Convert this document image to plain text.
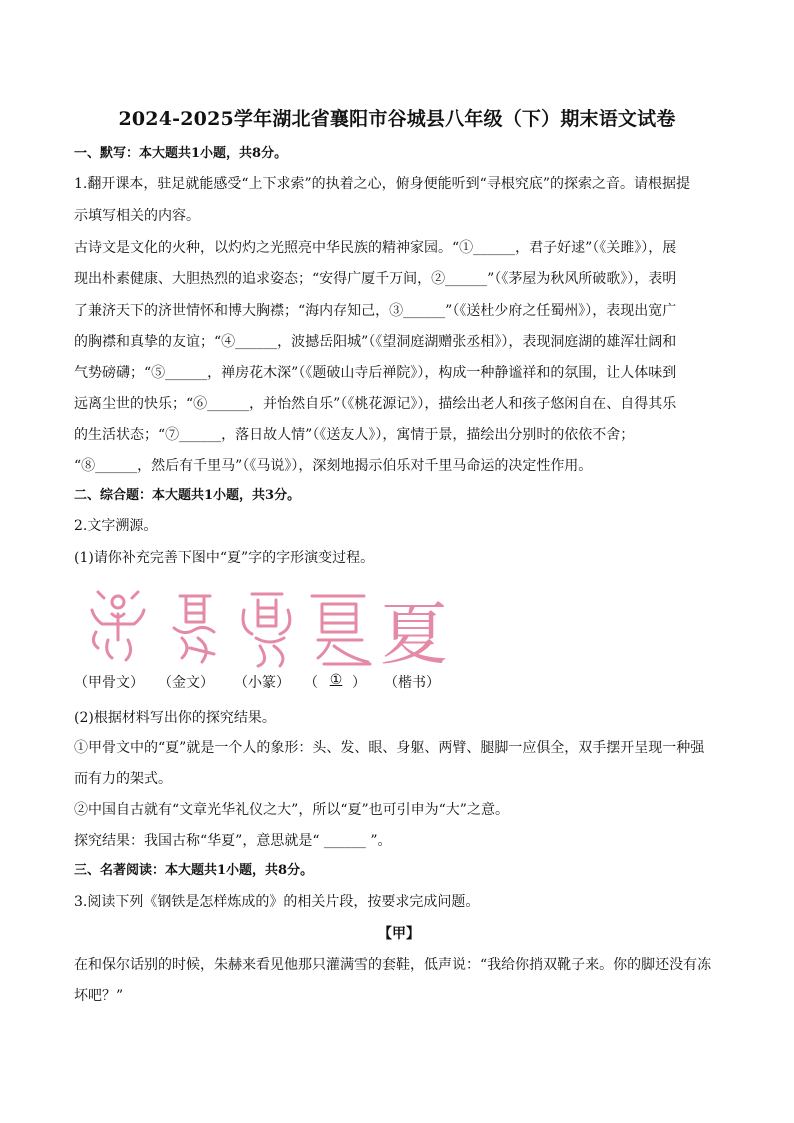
2024-2025学年湖北省襄阳市谷城县八年级（下）期末语文试卷
一、默写：本大题共1小题，共8分。
1.翻开课本，驻足就能感受“上下求索”的执着之心，俯身便能听到“寻根究底”的探索之音。请根据提
示填写相关的内容。
古诗文是文化的火种，以灼灼之光照亮中华民族的精神家园。“①______，君子好逑”（《关雎》），展
现出朴素健康、大胆热烈的追求姿态；“安得广厦千万间，②______”（《茅屋为秋风所破歌》），表明
了兼济天下的济世情怀和博大胸襟；“海内存知己，③______”（《送杜少府之任蜀州》），表现出宽广
的胸襟和真挚的友谊；“④______，波撼岳阳城”（《望洞庭湖赠张丞相》），表现洞庭湖的雄浑壮阔和
气势磅礴；“⑤______，禅房花木深”（《题破山寺后禅院》），构成一种静谧祥和的氛围，让人体味到
远离尘世的快乐；“⑥______，并怡然自乐”（《桃花源记》），描绘出老人和孩子悠闲自在、自得其乐
的生活状态；“⑦______，落日故人情”（《送友人》），寓情于景，描绘出分别时的依依不舍；
“⑧______，然后有千里马”（《马说》），深刻地揭示伯乐对千里马命运的决定性作用。
二、综合题：本大题共1小题，共3分。
2.文字溯源。
(1)请你补充完善下图中“夏”字的字形演变过程。
夏
（甲骨文） （金文） （小篆） （ ① ） （楷书）
(2)根据材料写出你的探究结果。
①甲骨文中的“夏”就是一个人的象形：头、发、眼、身躯、两臂、腿脚一应俱全，双手摆开呈现一种强
而有力的架式。
②中国自古就有“文章光华礼仪之大”，所以“夏”也可引申为“大”之意。
探究结果：我国古称“华夏”，意思就是“ ______ ”。
三、名著阅读：本大题共1小题，共8分。
3.阅读下列《钢铁是怎样炼成的》的相关片段，按要求完成问题。
【甲】
在和保尔话别的时候，朱赫来看见他那只灌满雪的套鞋，低声说：“我给你捎双靴子来。你的脚还没有冻
坏吧？”
